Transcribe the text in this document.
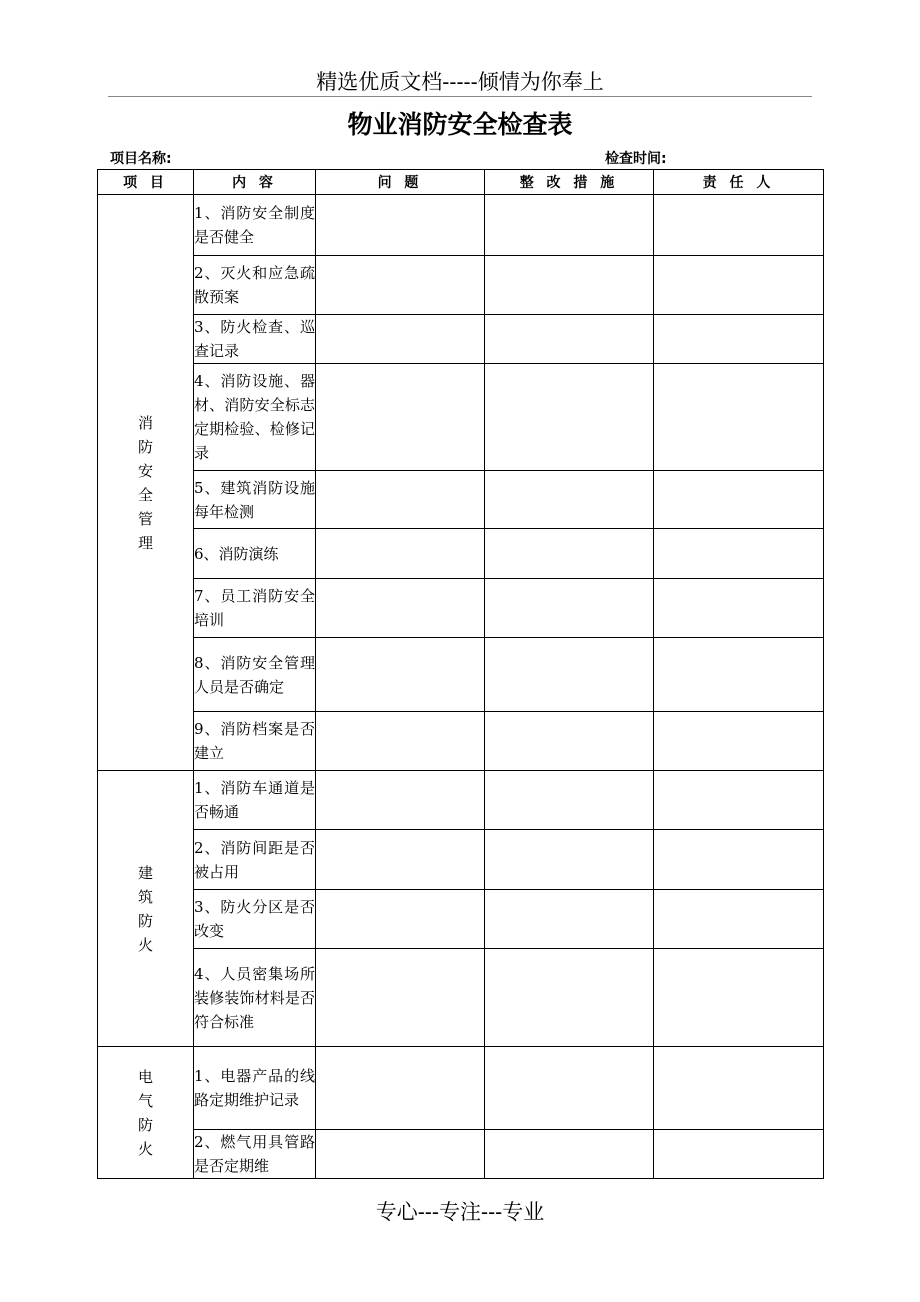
精选优质文档-----倾情为你奉上
物业消防安全检查表
项目名称:	检查时间:
项 目	内 容	问 题	整 改 措 施	责 任 人
消防安全管理	1、消防安全制度是否健全			

	2、灭火和应急疏散预案			

	3、防火检查、巡查记录			

	4、消防设施、器材、消防安全标志定期检验、检修记录			

	5、建筑消防设施每年检测			

	6、消防演练			

	7、员工消防安全培训			

	8、消防安全管理人员是否确定			

	9、消防档案是否建立			

建筑防火	1、消防车通道是否畅通			

	2、消防间距是否被占用			

	3、防火分区是否改变			

	4、人员密集场所装修装饰材料是否符合标准			

电气防火	1、电器产品的线路定期维护记录			

	2、燃气用具管路是否定期维			

专心---专注---专业
